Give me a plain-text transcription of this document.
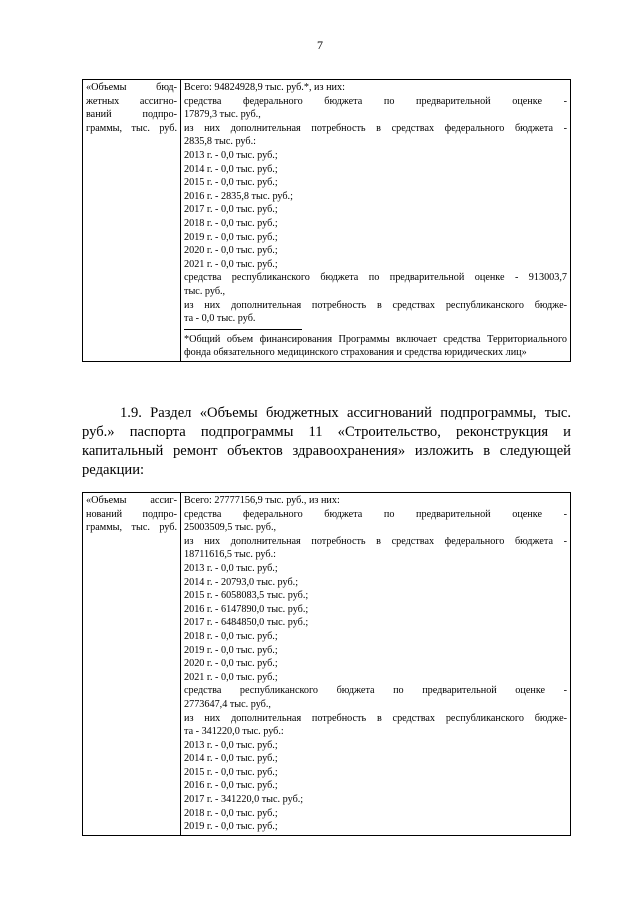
7
«Объемы бюд-
жетных ассигно-
ваний подпро-
граммы, тыс. руб.

Всего: 94824928,9 тыс. руб.*, из них:
средства федерального бюджета по предварительной оценке -
17879,3 тыс. руб.,
из них дополнительная потребность в средствах федерального бюджета -
2835,8 тыс. руб.:
2013 г. - 0,0 тыс. руб.;
2014 г. - 0,0 тыс. руб.;
2015 г. - 0,0 тыс. руб.;
2016 г. - 2835,8 тыс. руб.;
2017 г. - 0,0 тыс. руб.;
2018 г. - 0,0 тыс. руб.;
2019 г. - 0,0 тыс. руб.;
2020 г. - 0,0 тыс. руб.;
2021 г. - 0,0 тыс. руб.;
средства республиканского бюджета по предварительной оценке - 913003,7
тыс. руб.,
из них дополнительная потребность в средствах республиканского бюдже-
та - 0,0 тыс. руб.
*Общий объем финансирования Программы включает средства Территориального фонда обязательного медицинского страхования и средства юридических лиц»
1.9. Раздел «Объемы бюджетных ассигнований подпрограммы, тыс. руб.» паспорта подпрограммы 11 «Строительство, реконструкция и капитальный ремонт объектов здравоохранения» изложить в следующей редакции:
«Объемы ассиг-
нований подпро-
граммы, тыс. руб.

Всего: 27777156,9 тыс. руб., из них:
средства федерального бюджета по предварительной оценке -
25003509,5 тыс. руб.,
из них дополнительная потребность в средствах федерального бюджета -
18711616,5 тыс. руб.:
2013 г. - 0,0 тыс. руб.;
2014 г. - 20793,0 тыс. руб.;
2015 г. - 6058083,5 тыс. руб.;
2016 г. - 6147890,0 тыс. руб.;
2017 г. - 6484850,0 тыс. руб.;
2018 г. - 0,0 тыс. руб.;
2019 г. - 0,0 тыс. руб.;
2020 г. - 0,0 тыс. руб.;
2021 г. - 0,0 тыс. руб.;
средства республиканского бюджета по предварительной оценке -
2773647,4 тыс. руб.,
из них дополнительная потребность в средствах республиканского бюдже-
та - 341220,0 тыс. руб.:
2013 г. - 0,0 тыс. руб.;
2014 г. - 0,0 тыс. руб.;
2015 г. - 0,0 тыс. руб.;
2016 г. - 0,0 тыс. руб.;
2017 г. - 341220,0 тыс. руб.;
2018 г. - 0,0 тыс. руб.;
2019 г. - 0,0 тыс. руб.;
